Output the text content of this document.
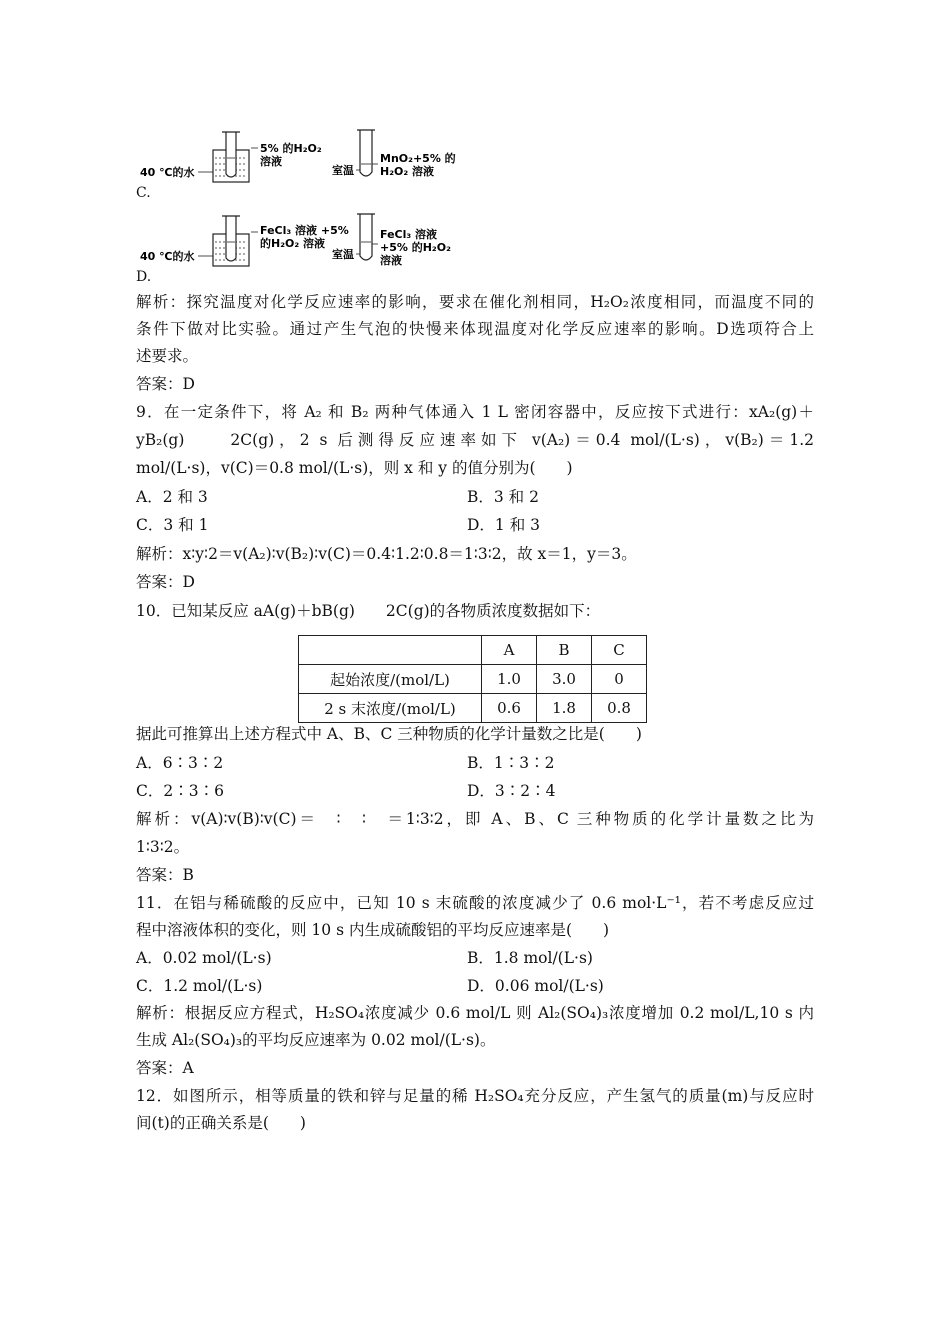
40 ℃的水
5% 的H₂O₂
溶液
室温
MnO₂+5% 的
H₂O₂ 溶液
C.
40 ℃的水
FeCl₃ 溶液 +5%
的H₂O₂ 溶液
室温
FeCl₃ 溶液
+5% 的H₂O₂
溶液
D.
解析：探究温度对化学反应速率的影响，要求在催化剂相同，H₂O₂浓度相同，而温度不同的
条件下做对比实验。通过产生气泡的快慢来体现温度对化学反应速率的影响。D选项符合上
述要求。
答案：D
9．在一定条件下，将 A₂ 和 B₂ 两种气体通入 1 L 密闭容器中，反应按下式进行：xA₂(g)＋
yB₂(g)　　2C(g)，2 s 后测得反应速率如下 v(A₂)＝0.4 mol/(L·s)，v(B₂)＝1.2
mol/(L·s)，v(C)＝0.8 mol/(L·s)，则 x 和 y 的值分别为(　　)
A．2 和 3	B．3 和 2
C．3 和 1	D．1 和 3
解析：x∶y∶2＝v(A₂)∶v(B₂)∶v(C)＝0.4∶1.2∶0.8＝1∶3∶2，故 x＝1，y＝3。
答案：D
10．已知某反应 aA(g)＋bB(g)　　2C(g)的各物质浓度数据如下：
	A	B	C
起始浓度/(mol/L)	1.0	3.0	0
2 s 末浓度/(mol/L)	0.6	1.8	0.8
据此可推算出上述方程式中 A、B、C 三种物质的化学计量数之比是(　　)
A．6∶3∶2	B．1∶3∶2
C．2∶3∶6	D．3∶2∶4
解析：v(A)∶v(B)∶v(C)＝　∶　∶　＝1∶3∶2，即 A、B、C 三种物质的化学计量数之比为
1∶3∶2。
答案：B
11．在铝与稀硫酸的反应中，已知 10 s 末硫酸的浓度减少了 0.6 mol·L⁻¹，若不考虑反应过
程中溶液体积的变化，则 10 s 内生成硫酸铝的平均反应速率是(　　)
A．0.02 mol/(L·s)	B．1.8 mol/(L·s)
C．1.2 mol/(L·s)	D．0.06 mol/(L·s)
解析：根据反应方程式，H₂SO₄浓度减少 0.6 mol/L 则 Al₂(SO₄)₃浓度增加 0.2 mol/L,10 s 内
生成 Al₂(SO₄)₃的平均反应速率为 0.02 mol/(L·s)。
答案：A
12．如图所示，相等质量的铁和锌与足量的稀 H₂SO₄充分反应，产生氢气的质量(m)与反应时
间(t)的正确关系是(　　)
